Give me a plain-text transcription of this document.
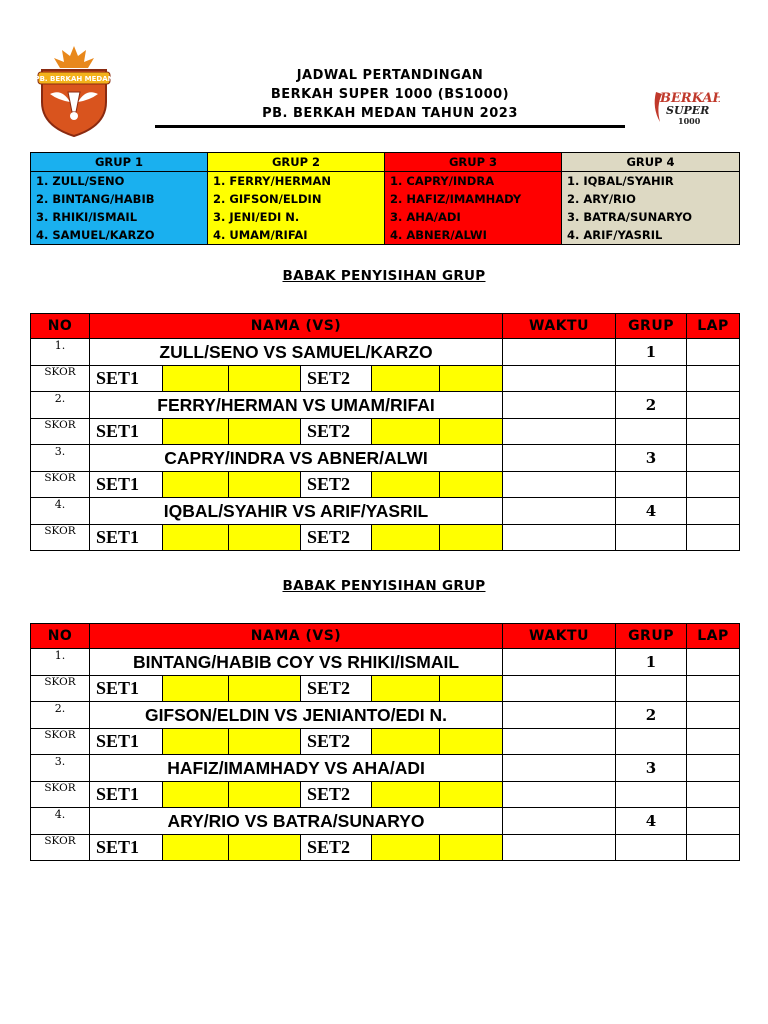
PB. BERKAH MEDAN	JADWAL PERTANDINGAN
BERKAH SUPER 1000 (BS1000)
PB. BERKAH MEDAN TAHUN 2023
BERKAH
SUPER
1000
GRUP 1	GRUP 2	GRUP 3	GRUP 4
1. ZULL/SENO	1. FERRY/HERMAN	1. CAPRY/INDRA	1. IQBAL/SYAHIR
2. BINTANG/HABIB	2. GIFSON/ELDIN	2. HAFIZ/IMAMHADY	2. ARY/RIO
3. RHIKI/ISMAIL	3. JENI/EDI N.	3. AHA/ADI	3. BATRA/SUNARYO
4. SAMUEL/KARZO	4. UMAM/RIFAI	4. ABNER/ALWI	4. ARIF/YASRIL
BABAK PENYISIHAN GRUP
NO	NAMA (VS)						WAKTU	GRUP	LAP
1.	ZULL/SENO VS SAMUEL/KARZO							1	
SKOR	SET1			SET2					
2.	FERRY/HERMAN VS UMAM/RIFAI							2	
SKOR	SET1			SET2					
3.	CAPRY/INDRA VS ABNER/ALWI							3	
SKOR	SET1			SET2					
4.	IQBAL/SYAHIR VS ARIF/YASRIL							4	
SKOR	SET1			SET2					
BABAK PENYISIHAN GRUP
NO	NAMA (VS)						WAKTU	GRUP	LAP
1.	BINTANG/HABIB COY VS RHIKI/ISMAIL							1	
SKOR	SET1			SET2					
2.	GIFSON/ELDIN VS JENIANTO/EDI N.							2	
SKOR	SET1			SET2					
3.	HAFIZ/IMAMHADY VS AHA/ADI							3	
SKOR	SET1			SET2					
4.	ARY/RIO VS BATRA/SUNARYO							4	
SKOR	SET1			SET2					
